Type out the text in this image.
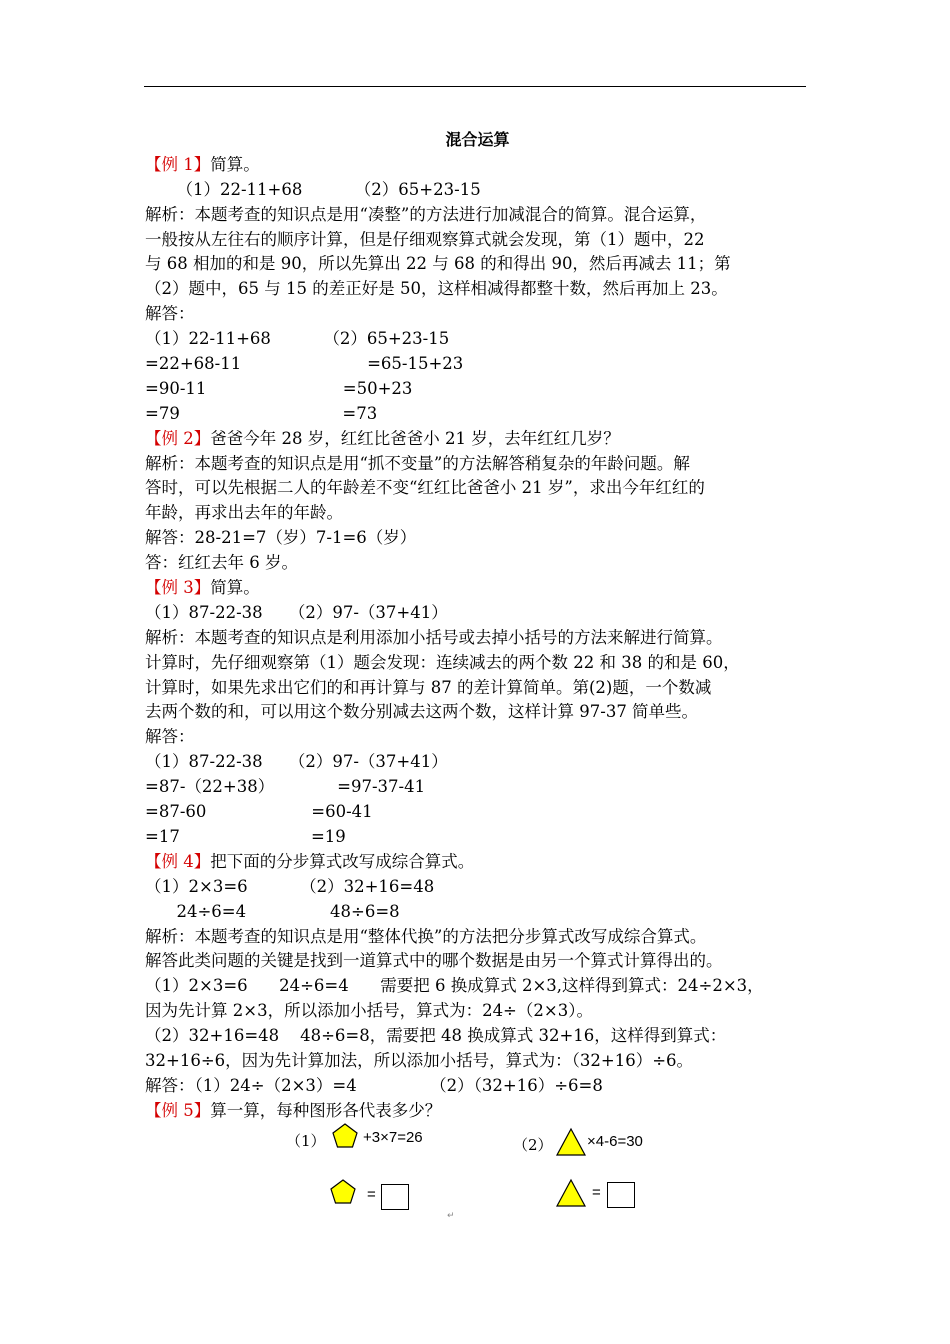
混合运算
【例 1】简算。
（1）22-11+68          （2）65+23-15
解析：本题考查的知识点是用“凑整”的方法进行加减混合的简算。混合运算，
一般按从左往右的顺序计算，但是仔细观察算式就会发现，第（1）题中，22
与 68 相加的和是 90，所以先算出 22 与 68 的和得出 90，然后再减去 11；第
（2）题中，65 与 15 的差正好是 50，这样相减得都整十数，然后再加上 23。
解答：
（1）22-11+68          （2）65+23-15
=22+68-11                        =65-15+23
=90-11                          =50+23
=79                               =73
【例 2】爸爸今年 28 岁，红红比爸爸小 21 岁，去年红红几岁？
解析：本题考查的知识点是用“抓不变量”的方法解答稍复杂的年龄问题。解
答时，可以先根据二人的年龄差不变“红红比爸爸小 21 岁”，求出今年红红的
年龄，再求出去年的年龄。
解答：28-21=7（岁）7-1=6（岁）
答：红红去年 6 岁。
【例 3】简算。
（1）87-22-38     （2）97-（37+41）
解析：本题考查的知识点是利用添加小括号或去掉小括号的方法来解进行简算。
计算时，先仔细观察第（1）题会发现：连续减去的两个数 22 和 38 的和是 60，
计算时，如果先求出它们的和再计算与 87 的差计算简单。第(2)题，一个数减
去两个数的和，可以用这个数分别减去这两个数，这样计算 97-37 简单些。
解答：
（1）87-22-38     （2）97-（37+41）
=87-（22+38）            =97-37-41
=87-60                    =60-41
=17                         =19
【例 4】把下面的分步算式改写成综合算式。
（1）2×3=6          （2）32+16=48
24÷6=4                48÷6=8
解析：本题考查的知识点是用“整体代换”的方法把分步算式改写成综合算式。
解答此类问题的关键是找到一道算式中的哪个数据是由另一个算式计算得出的。
（1）2×3=6      24÷6=4      需要把 6 换成算式 2×3,这样得到算式：24÷2×3，
因为先计算 2×3，所以添加小括号，算式为：24÷（2×3）。
（2）32+16=48    48÷6=8，需要把 48 换成算式 32+16，这样得到算式：
32+16÷6，因为先计算加法，所以添加小括号，算式为：（32+16）÷6。
解答：（1）24÷（2×3）=4              （2）（32+16）÷6=8
【例 5】算一算，每种图形各代表多少？
（1） +3×7=26	（2） ×4-6=30
=
↵
=
